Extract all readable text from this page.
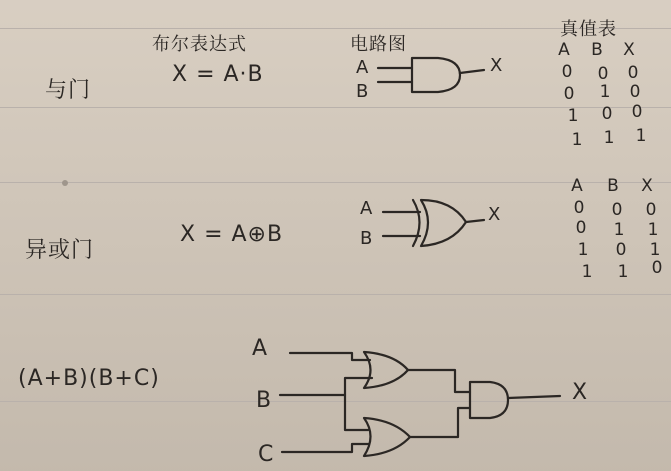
布尔表达式	电路图
真值表
与门
X = A·B	A
B
X
A	B	X
0	0	0
0	1	0
1	0	0
1	1	1
异或门
X = A⊕B
A
B
X
A	B	X
0	0	0
0	1	1
1	0	1
1	1	0
(A+B)(B+C)
A
B
C
X
